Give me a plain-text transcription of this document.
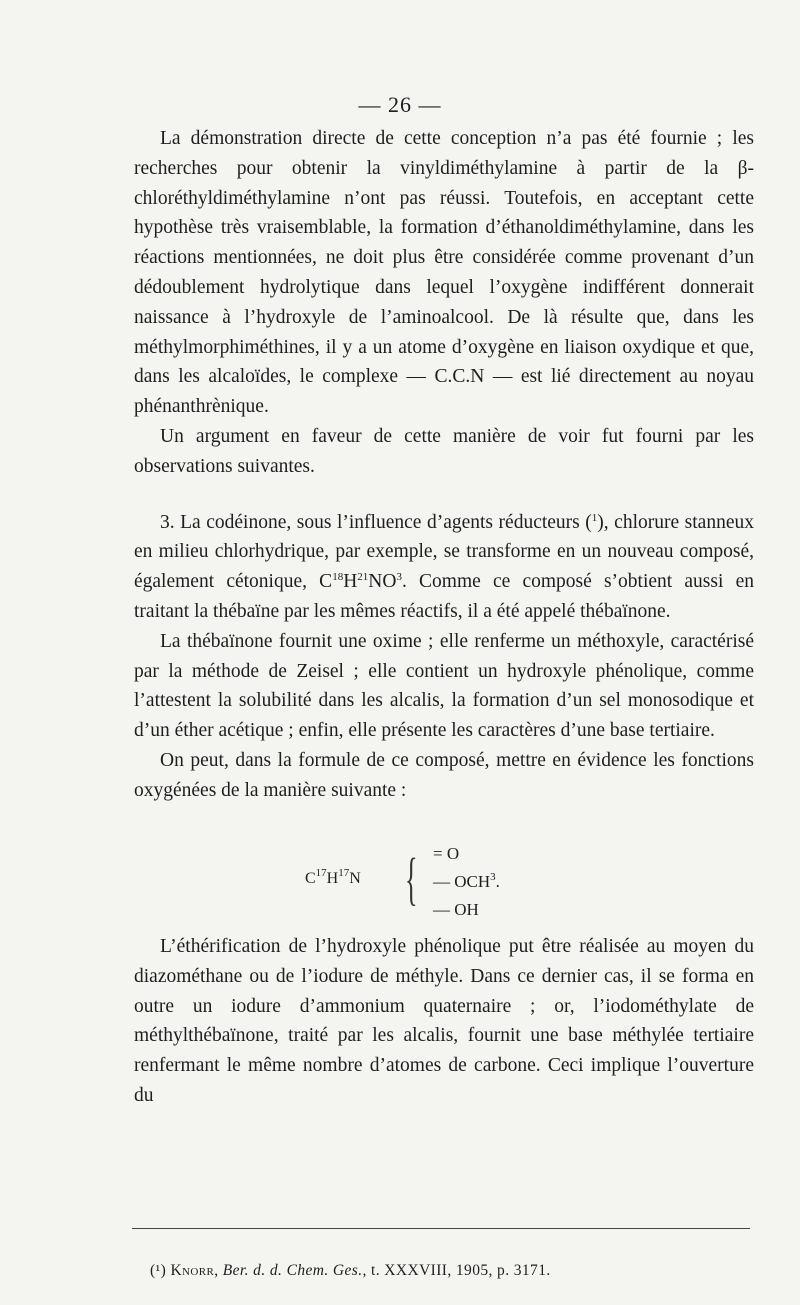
— 26 —

La démonstration directe de cette conception n’a pas été fournie ; les recherches pour obtenir la vinyldiméthylamine à partir de la β-chloréthyldiméthylamine n’ont pas réussi. Toutefois, en acceptant cette hypothèse très vraisemblable, la formation d’éthanoldiméthylamine, dans les réactions mentionnées, ne doit plus être considérée comme provenant d’un dédoublement hydrolytique dans lequel l’oxygène indifférent donnerait naissance à l’hydroxyle de l’aminoalcool. De là résulte que, dans les méthylmorphiméthines, il y a un atome d’oxygène en liaison oxydique et que, dans les alcaloïdes, le complexe — C.C.N — est lié directement au noyau phénanthrènique.

Un argument en faveur de cette manière de voir fut fourni par les observations suivantes.

3. La codéinone, sous l’influence d’agents réducteurs ($^1$), chlorure stanneux en milieu chlorhydrique, par exemple, se transforme en un nouveau composé, également cétonique, $C^{18}H^{21}NO^3$. Comme ce composé s’obtient aussi en traitant la thébaïne par les mêmes réactifs, il a été appelé thébaïnone.

La thébaïnone fournit une oxime ; elle renferme un méthoxyle, caractérisé par la méthode de Zeisel ; elle contient un hydroxyle phénolique, comme l’attestent la solubilité dans les alcalis, la formation d’un sel monosodique et d’un éther acétique ; enfin, elle présente les caractères d’une base tertiaire.

On peut, dans la formule de ce composé, mettre en évidence les fonctions oxygénées de la manière suivante :

$C^{17}H^{17}N$ { = O
— OCH$^3$.
— OH

L’éthérification de l’hydroxyle phénolique put être réalisée au moyen du diazométhane ou de l’iodure de méthyle. Dans ce dernier cas, il se forma en outre un iodure d’ammonium quaternaire ; or, l’iodométhylate de méthylthébaïnone, traité par les alcalis, fournit une base méthylée tertiaire renfermant le même nombre d’atomes de carbone. Ceci implique l’ouverture du

(¹) Knorr, Ber. d. d. Chem. Ges., t. XXXVIII, 1905, p. 3171.
